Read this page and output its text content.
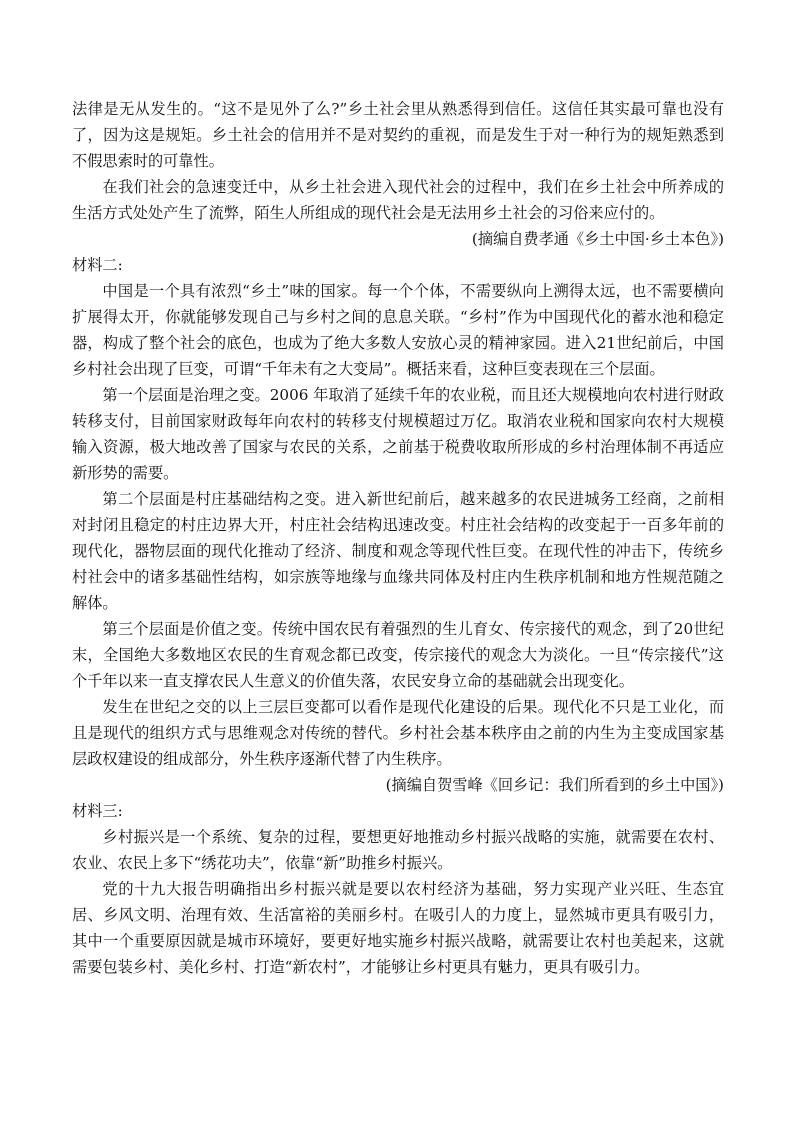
法律是无从发生的。“这不是见外了么?”乡土社会里从熟悉得到信任。这信任其实最可靠也没有了，因为这是规矩。乡土社会的信用并不是对契约的重视，而是发生于对一种行为的规矩熟悉到不假思索时的可靠性。

在我们社会的急速变迁中，从乡土社会进入现代社会的过程中，我们在乡土社会中所养成的生活方式处处产生了流弊，陌生人所组成的现代社会是无法用乡土社会的习俗来应付的。

(摘编自费孝通《乡土中国·乡土本色》)

材料二:

中国是一个具有浓烈“乡土”味的国家。每一个个体，不需要纵向上溯得太远，也不需要横向扩展得太开，你就能够发现自己与乡村之间的息息关联。“乡村”作为中国现代化的蓄水池和稳定器，构成了整个社会的底色，也成为了绝大多数人安放心灵的精神家园。进入21世纪前后，中国乡村社会出现了巨变，可谓“千年未有之大变局”。概括来看，这种巨变表现在三个层面。

第一个层面是治理之变。2006 年取消了延续千年的农业税，而且还大规模地向农村进行财政转移支付，目前国家财政每年向农村的转移支付规模超过万亿。取消农业税和国家向农村大规模输入资源，极大地改善了国家与农民的关系，之前基于税费收取所形成的乡村治理体制不再适应新形势的需要。

第二个层面是村庄基础结构之变。进入新世纪前后，越来越多的农民进城务工经商，之前相对封闭且稳定的村庄边界大开，村庄社会结构迅速改变。村庄社会结构的改变起于一百多年前的现代化，器物层面的现代化推动了经济、制度和观念等现代性巨变。在现代性的冲击下，传统乡村社会中的诸多基础性结构，如宗族等地缘与血缘共同体及村庄内生秩序机制和地方性规范随之解体。

第三个层面是价值之变。传统中国农民有着强烈的生儿育女、传宗接代的观念，到了20世纪末，全国绝大多数地区农民的生育观念都已改变，传宗接代的观念大为淡化。一旦“传宗接代”这个千年以来一直支撑农民人生意义的价值失落，农民安身立命的基础就会出现变化。

发生在世纪之交的以上三层巨变都可以看作是现代化建设的后果。现代化不只是工业化，而且是现代的组织方式与思维观念对传统的替代。乡村社会基本秩序由之前的内生为主变成国家基层政权建设的组成部分，外生秩序逐渐代替了内生秩序。

(摘编自贺雪峰《回乡记：我们所看到的乡土中国》)

材料三:

乡村振兴是一个系统、复杂的过程，要想更好地推动乡村振兴战略的实施，就需要在农村、农业、农民上多下“绣花功夫”，依靠“新”助推乡村振兴。

党的十九大报告明确指出乡村振兴就是要以农村经济为基础，努力实现产业兴旺、生态宜居、乡风文明、治理有效、生活富裕的美丽乡村。在吸引人的力度上，显然城市更具有吸引力，其中一个重要原因就是城市环境好，要更好地实施乡村振兴战略，就需要让农村也美起来，这就需要包装乡村、美化乡村、打造“新农村”，才能够让乡村更具有魅力，更具有吸引力。
